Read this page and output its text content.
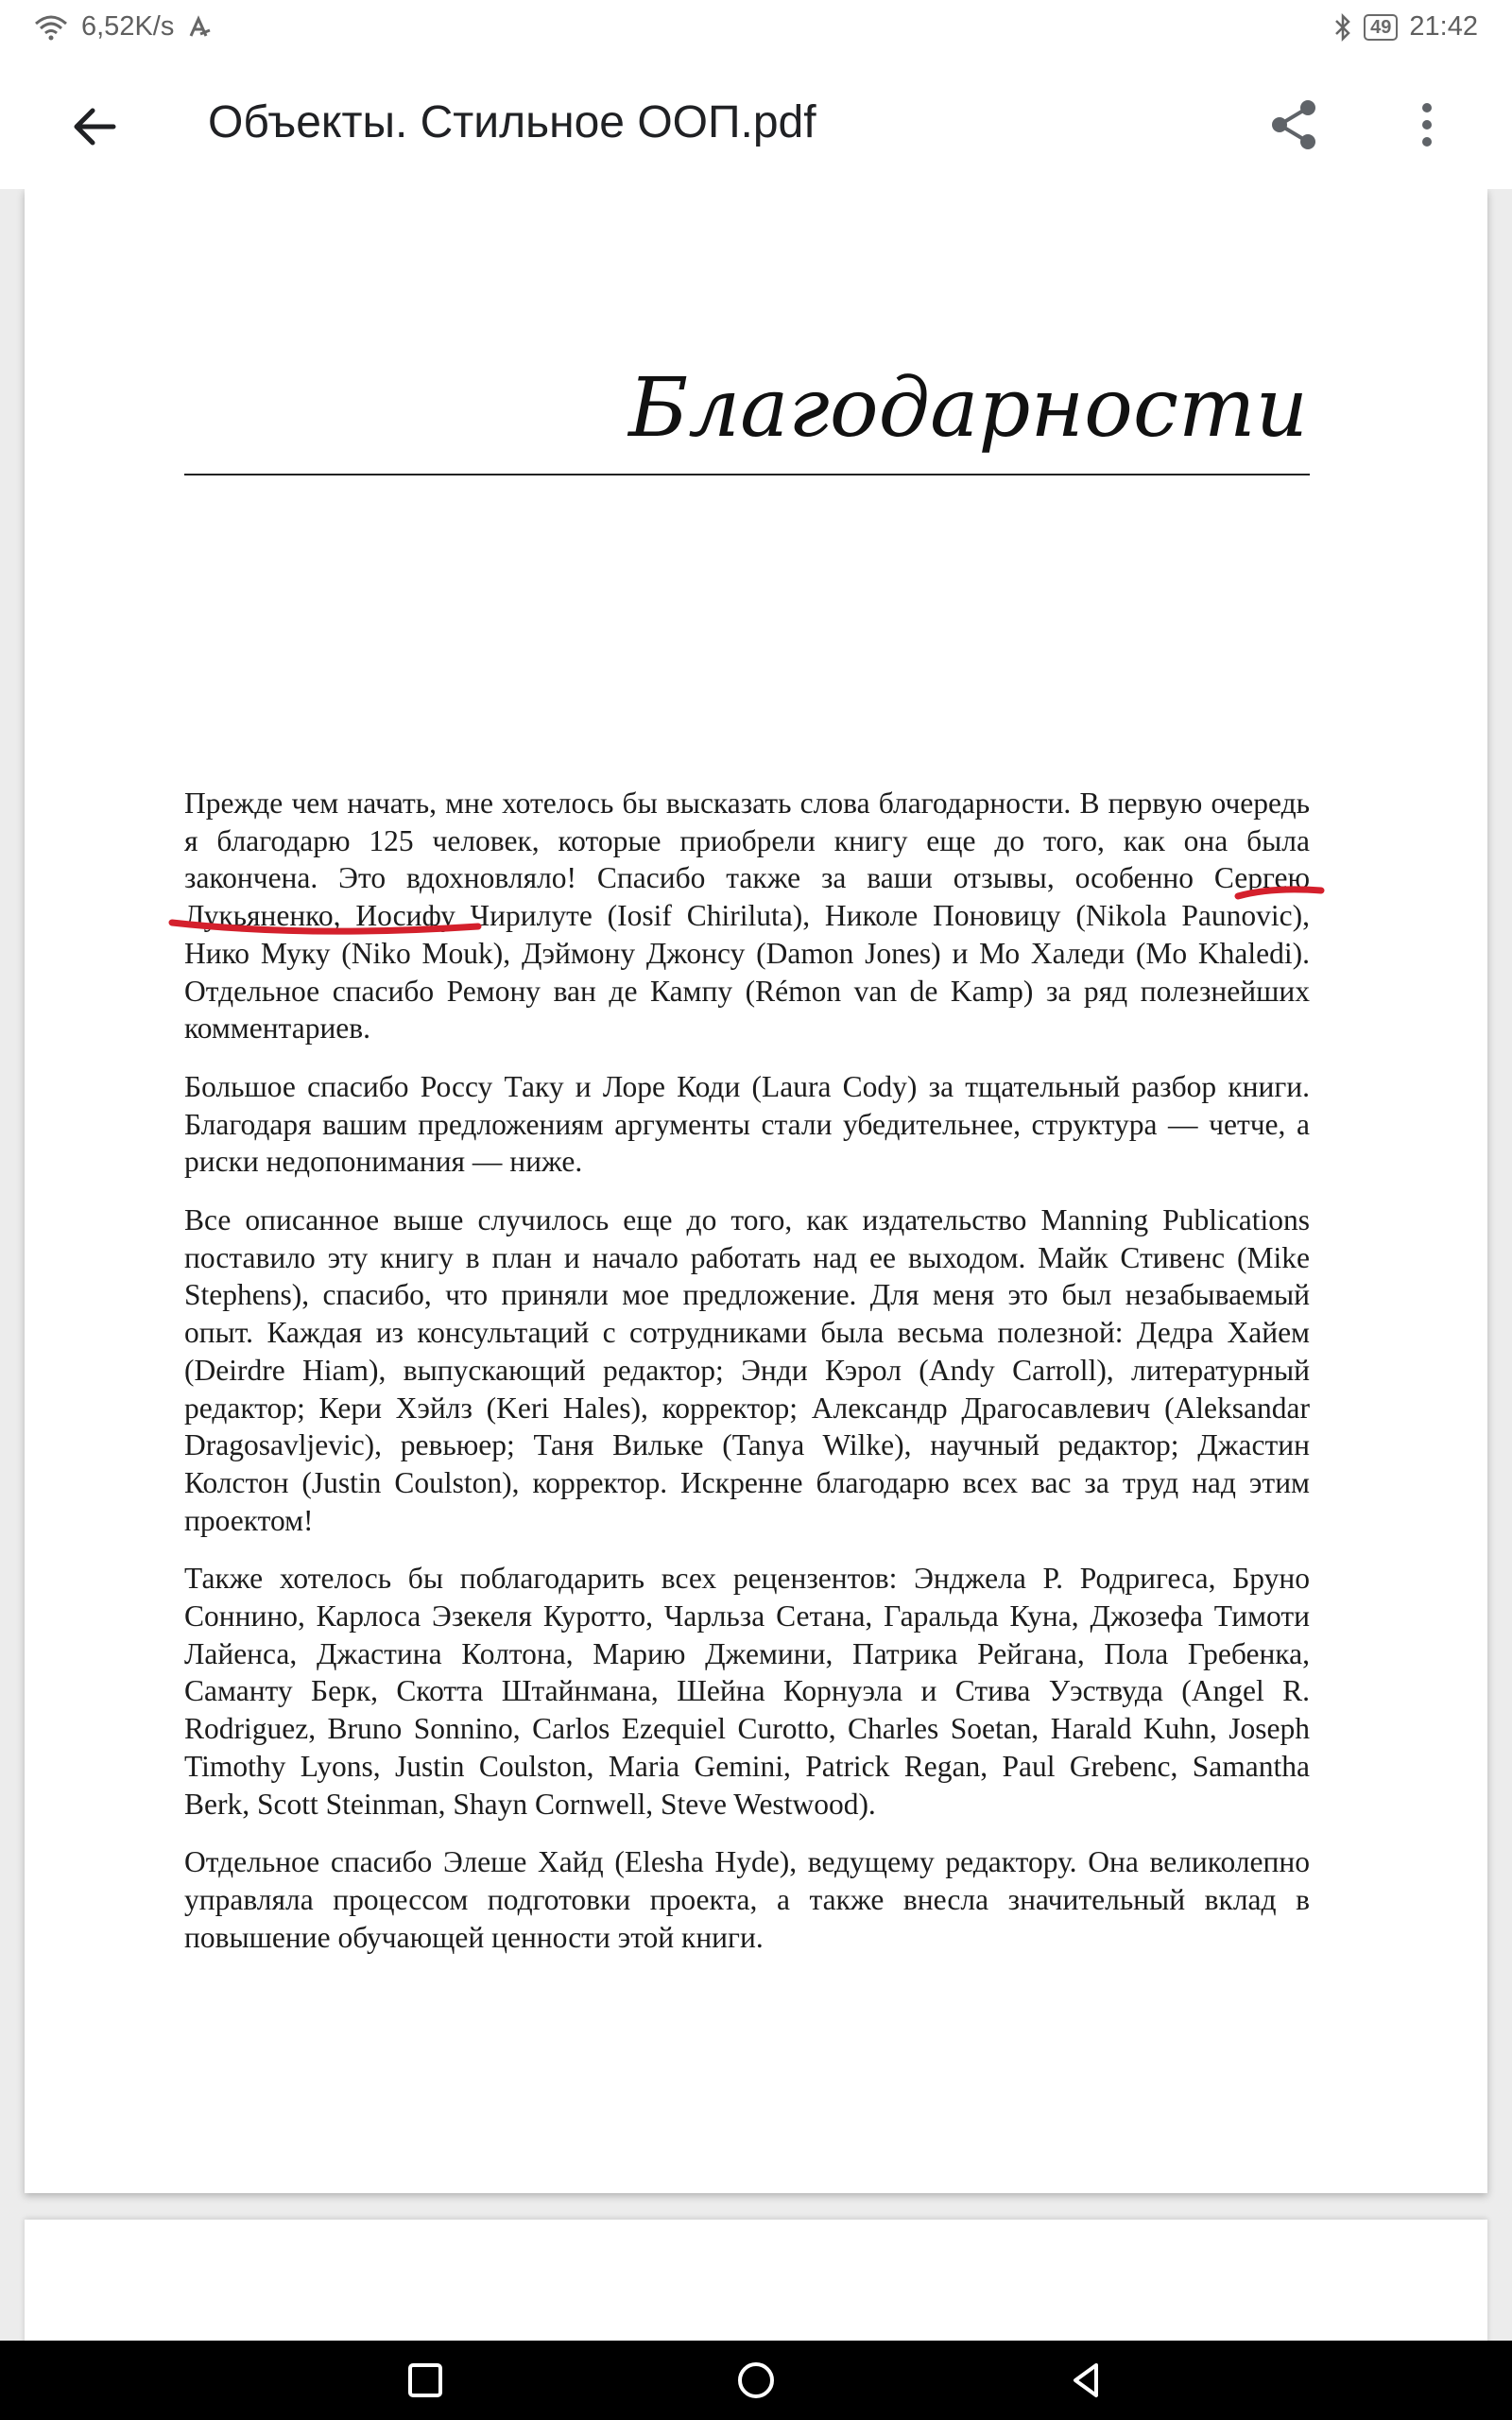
6,52K/s	49 21:42
Объекты. Стильное ООП.pdf
Благодарности

Прежде чем начать, мне хотелось бы высказать слова благодарности. В первую очередь я благодарю 125 человек, которые приобрели книгу еще до того, как она была закончена. Это вдохновляло! Спасибо также за ваши отзывы, особенно Сергею Лукьяненко, Иосифу Чирилуте (Iosif Chiriluta), Николе Поновицу (Nikola Paunovic), Нико Муку (Niko Mouk), Дэймону Джонсу (Damon Jones) и Мо Халеди (Mo Khaledi). Отдельное спасибо Ремону ван де Кампу (Rémon van de Kamp) за ряд полезнейших комментариев.

Большое спасибо Россу Таку и Лоре Коди (Laura Cody) за тщательный разбор книги. Благодаря вашим предложениям аргументы стали убедительнее, структура — четче, а риски недопонимания — ниже.

Все описанное выше случилось еще до того, как издательство Manning Publications поставило эту книгу в план и начало работать над ее выходом. Майк Стивенс (Mike Stephens), спасибо, что приняли мое предложение. Для меня это был незабываемый опыт. Каждая из консультаций с сотрудниками была весьма полезной: Дедра Хайем (Deirdre Hiam), выпускающий редактор; Энди Кэрол (Andy Carroll), литературный редактор; Кери Хэйлз (Keri Hales), корректор; Александр Драгосавлевич (Aleksandar Dragosavljevic), ревьюер; Таня Вильке (Tanya Wilke), научный редактор; Джастин Колстон (Justin Coulston), корректор. Искренне благодарю всех вас за труд над этим проектом!

Также хотелось бы поблагодарить всех рецензентов: Энджела Р. Родригеса, Бруно Соннино, Карлоса Эзекеля Куротто, Чарльза Сетана, Гаральда Куна, Джозефа Тимоти Лайенса, Джастина Колтона, Марию Джемини, Патрика Рейгана, Пола Гребенка, Саманту Берк, Скотта Штайнмана, Шейна Корнуэла и Стива Уэствуда (Angel R. Rodriguez, Bruno Sonnino, Carlos Ezequiel Curotto, Charles Soetan, Harald Kuhn, Joseph Timothy Lyons, Justin Coulston, Maria Gemini, Patrick Regan, Paul Grebenc, Samantha Berk, Scott Steinman, Shayn Cornwell, Steve Westwood).

Отдельное спасибо Элеше Хайд (Elesha Hyde), ведущему редактору. Она великолепно управляла процессом подготовки проекта, а также внесла значительный вклад в повышение обучающей ценности этой книги.
